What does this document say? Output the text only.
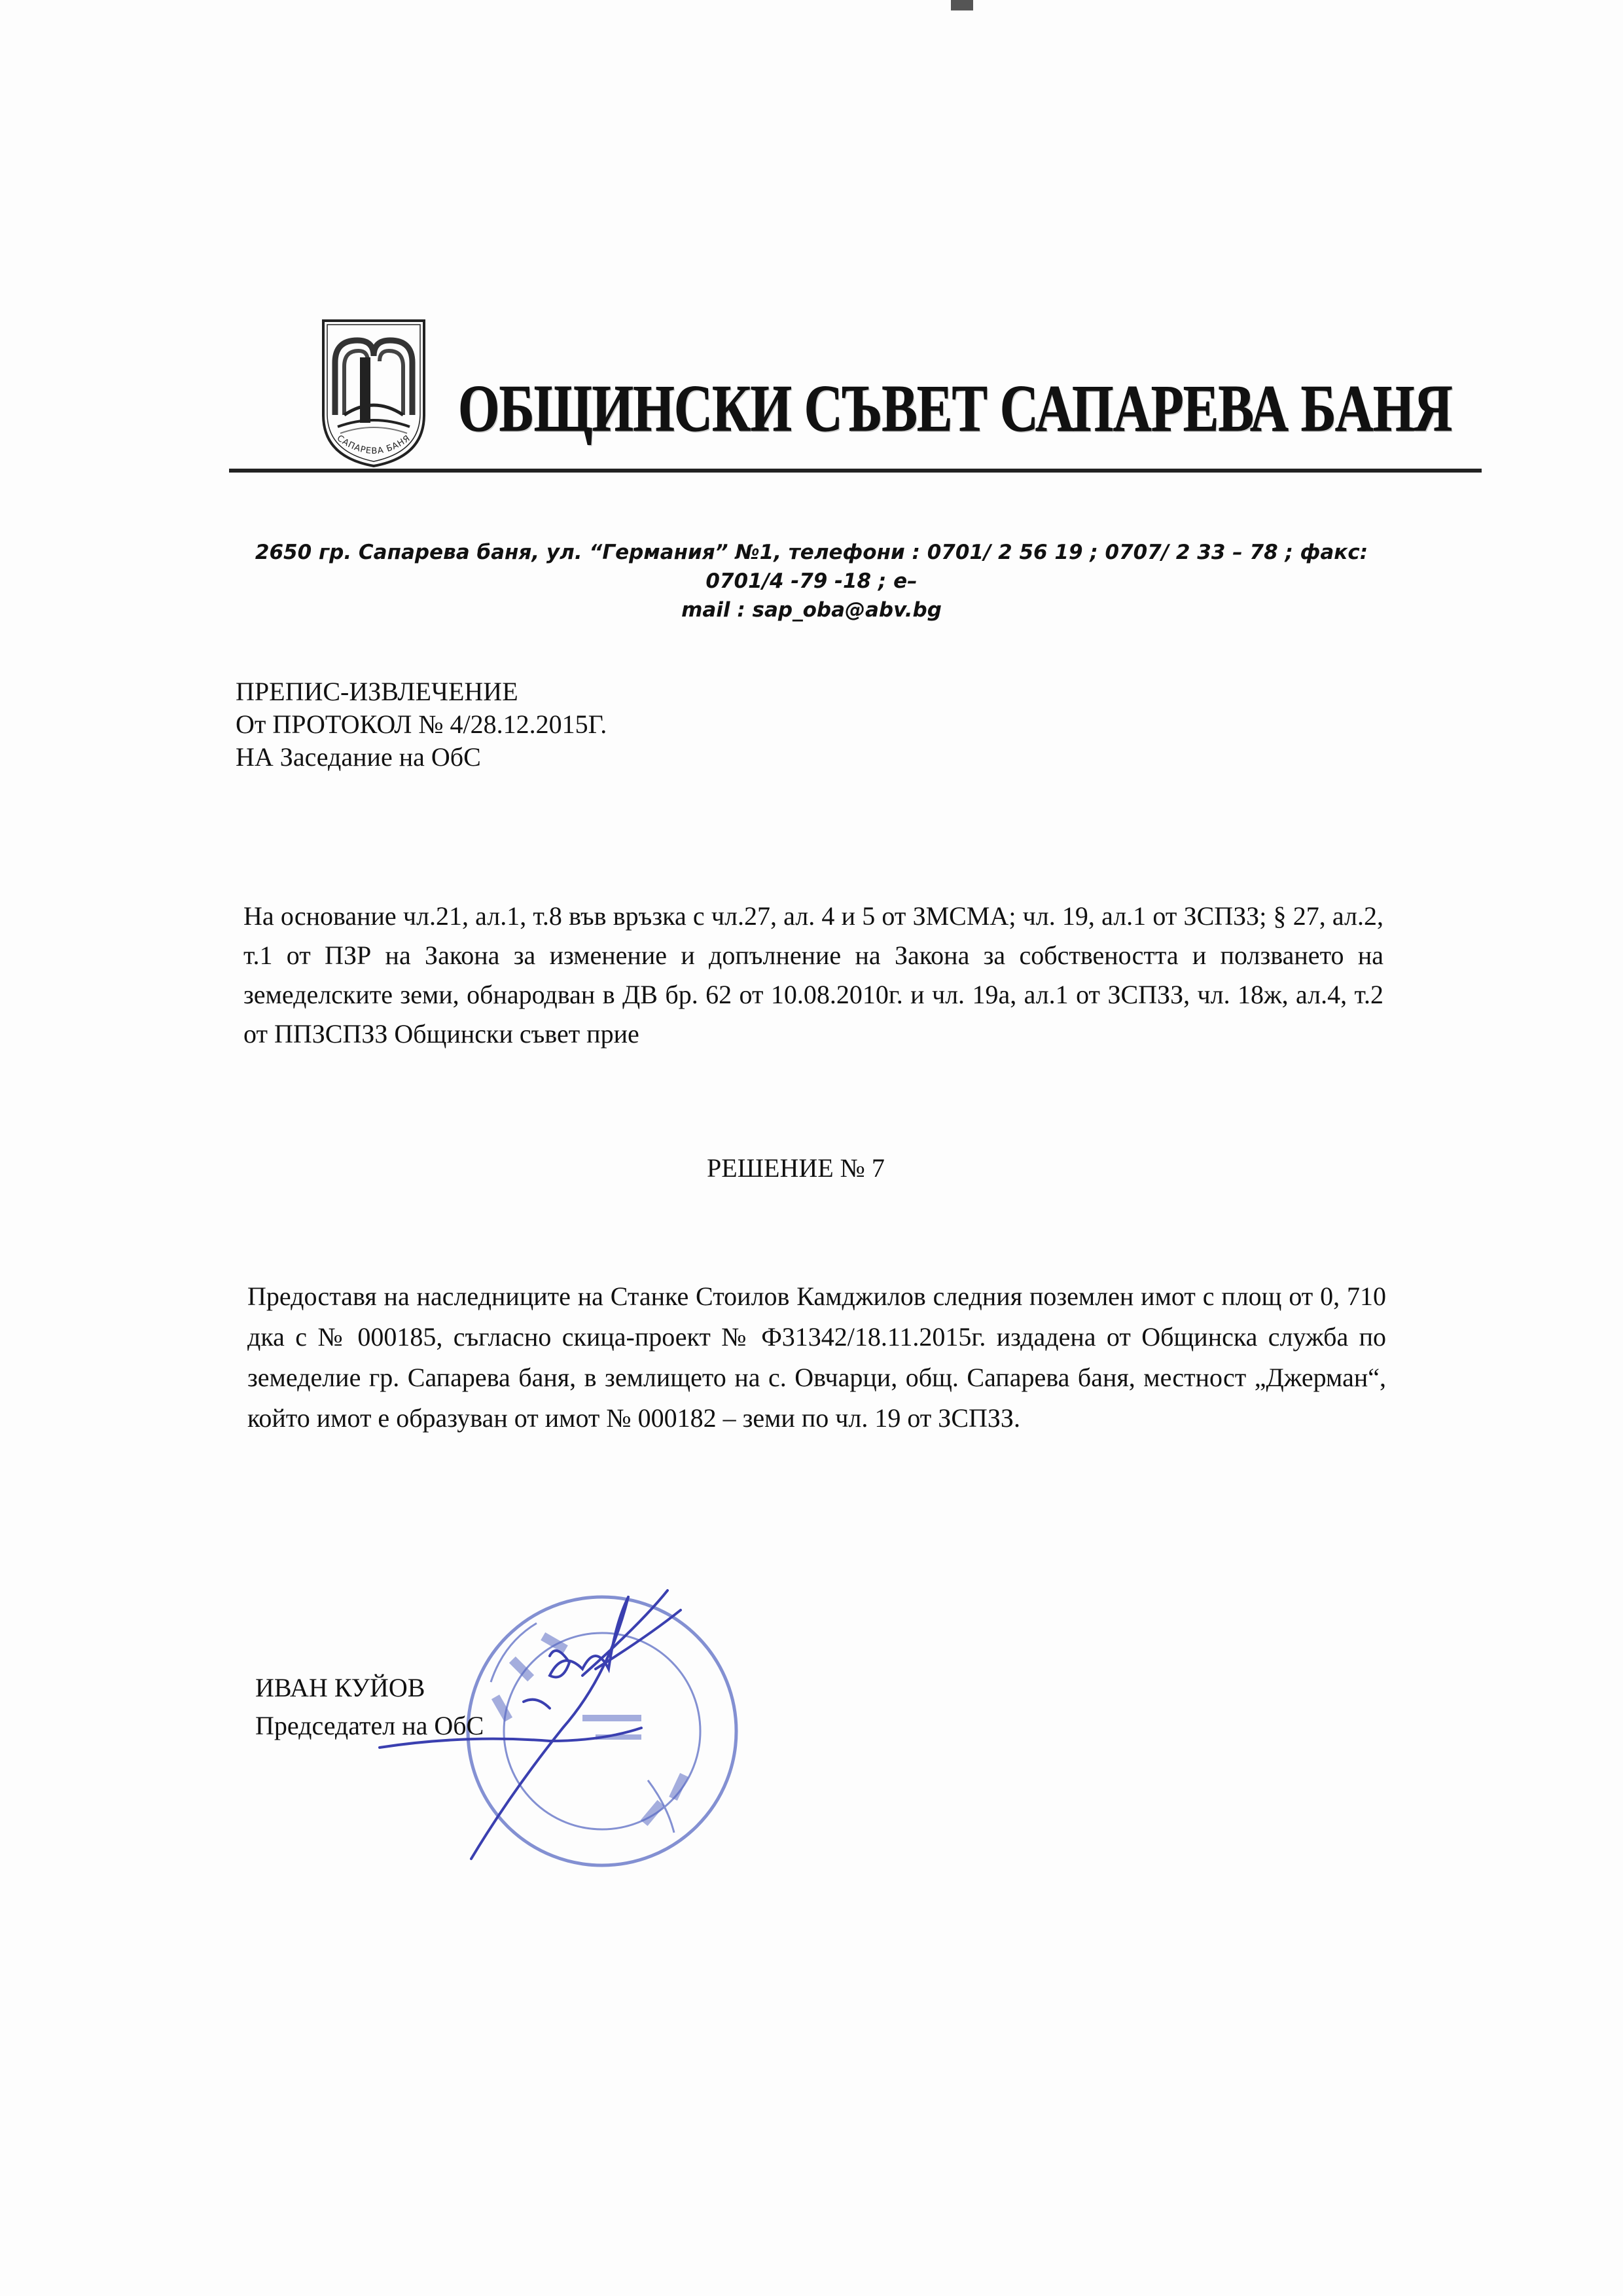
САПАРЕВА БАНЯ ОБЩИНСКИ СЪВЕТ САПАРЕВА БАНЯ
2650 гр. Сапарева баня, ул. “Германия” №1, телефони : 0701/ 2 56 19 ; 0707/ 2 33 – 78 ; факс: 0701/4 -79 -18 ; e–
mail : sap_oba@abv.bg
ПРЕПИС-ИЗВЛЕЧЕНИЕ
От ПРОТОКОЛ № 4/28.12.2015Г.
НА Заседание на ОбС
На основание чл.21, ал.1, т.8 във връзка с чл.27, ал. 4 и 5 от ЗМСМА; чл. 19, ал.1 от ЗСПЗЗ; § 27, ал.2, т.1 от ПЗР на Закона за изменение и допълнение на Закона за собствеността и ползването на земеделските земи, обнародван в ДВ бр. 62 от 10.08.2010г. и чл. 19а, ал.1 от ЗСПЗЗ, чл. 18ж, ал.4, т.2 от ППЗСПЗЗ Общински съвет прие
РЕШЕНИЕ № 7
Предоставя на наследниците на Станке Стоилов Камджилов следния поземлен имот с площ от 0, 710 дка с № 000185, съгласно скица-проект № Ф31342/18.11.2015г. издадена от Общинска служба по земеделие гр. Сапарева баня, в землището на с. Овчарци, общ. Сапарева баня, местност „Джерман“, който имот е образуван от имот № 000182 – земи по чл. 19 от ЗСПЗЗ.
ИВАН КУЙОВ
Председател на ОбС
